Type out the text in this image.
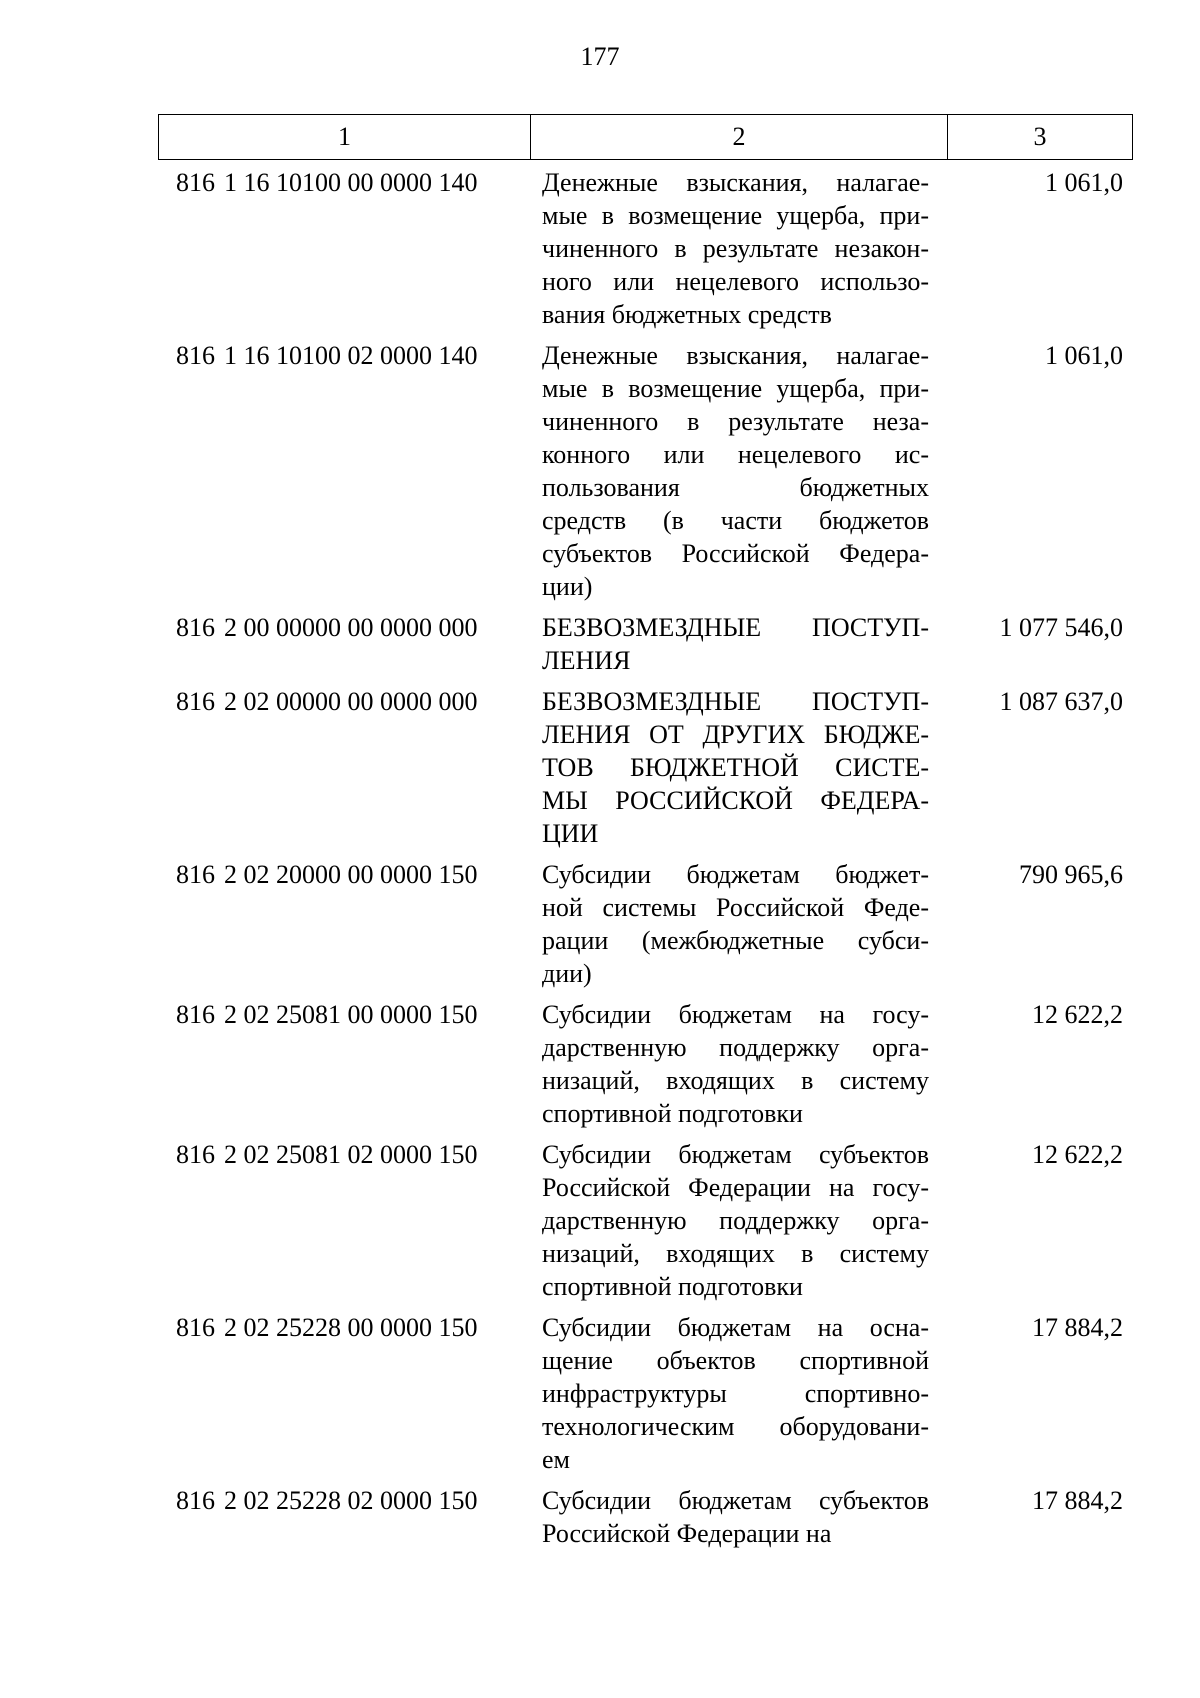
177
1	2	3
816 1 16 10100 00 0000 140	Денежные взыскания, налагае-
мые в возмещение ущерба, при-
чиненного в результате незакон-
ного или нецелевого использо-
вания бюджетных средств
1 061,0
816 1 16 10100 02 0000 140	Денежные взыскания, налагае-
мые в возмещение ущерба, при-
чиненного в результате неза-
конного или нецелевого ис-
пользования бюджетных
средств (в части бюджетов
субъектов Российской Федера-
ции)
1 061,0
816 2 00 00000 00 0000 000	БЕЗВОЗМЕЗДНЫЕ ПОСТУП-
ЛЕНИЯ
1 077 546,0
816 2 02 00000 00 0000 000	БЕЗВОЗМЕЗДНЫЕ ПОСТУП-
ЛЕНИЯ ОТ ДРУГИХ БЮДЖЕ-
ТОВ БЮДЖЕТНОЙ СИСТЕ-
МЫ РОССИЙСКОЙ ФЕДЕРА-
ЦИИ
1 087 637,0
816 2 02 20000 00 0000 150	Субсидии бюджетам бюджет-
ной системы Российской Феде-
рации (межбюджетные субси-
дии)
790 965,6
816 2 02 25081 00 0000 150	Субсидии бюджетам на госу-
дарственную поддержку орга-
низаций, входящих в систему
спортивной подготовки
12 622,2
816 2 02 25081 02 0000 150	Субсидии бюджетам субъектов
Российской Федерации на госу-
дарственную поддержку орга-
низаций, входящих в систему
спортивной подготовки
12 622,2
816 2 02 25228 00 0000 150	Субсидии бюджетам на осна-
щение объектов спортивной
инфраструктуры спортивно-
технологическим оборудовани-
ем
17 884,2
816 2 02 25228 02 0000 150	Субсидии бюджетам субъектов
Российской Федерации на
17 884,2
